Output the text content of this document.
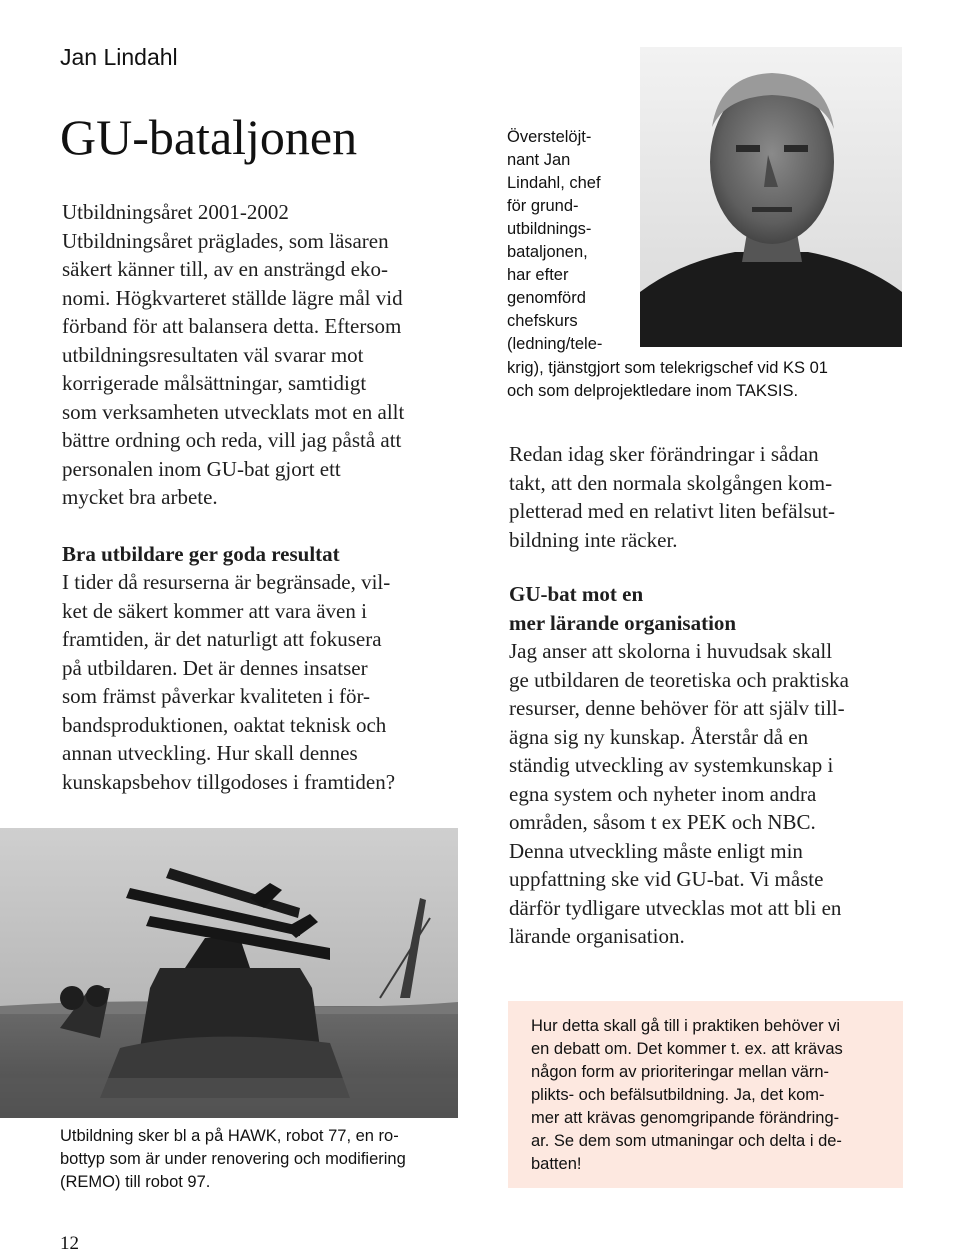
Jan Lindahl
GU-bataljonen

Utbildningsåret 2001-2002

Utbildningsåret präglades, som läsaren
säkert känner till, av en ansträngd eko-
nomi. Högkvarteret ställde lägre mål vid
förband för att balansera detta. Eftersom
utbildningsresultaten väl svarar mot
korrigerade målsättningar, samtidigt
som verksamheten utvecklats mot en allt
bättre ordning och reda, vill jag påstå att
personalen inom GU-bat gjort ett
mycket bra arbete.

Bra utbildare ger goda resultat

I tider då resurserna är begränsade, vil-
ket de säkert kommer att vara även i
framtiden, är det naturligt att fokusera
på utbildaren. Det är dennes insatser
som främst påverkar kvaliteten i för-
bandsproduktionen, oaktat teknisk och
annan utveckling. Hur skall dennes
kunskapsbehov tillgodoses i framtiden?
Överstelöjt-
nant Jan
Lindahl, chef
för grund-
utbildnings-
bataljonen,
har efter
genomförd
chefskurs
(ledning/tele-
krig), tjänstgjort som telekrigschef vid KS 01
och som delprojektledare inom TAKSIS.
Redan idag sker förändringar i sådan
takt, att den normala skolgången kom-
pletterad med en relativt liten befälsut-
bildning inte räcker.
GU-bat mot en
mer lärande organisation
Jag anser att skolorna i huvudsak skall
ge utbildaren de teoretiska och praktiska
resurser, denne behöver för att själv till-
ägna sig ny kunskap. Återstår då en
ständig utveckling av systemkunskap i
egna system och nyheter inom andra
områden, såsom t ex PEK och NBC.
Denna utveckling måste enligt min
uppfattning ske vid GU-bat. Vi måste
därför tydligare utvecklas mot att bli en
lärande organisation.
Utbildning sker bl a på HAWK, robot 77, en ro-
bottyp som är under renovering och modifiering
(REMO) till robot 97.
Hur detta skall gå till i praktiken behöver vi
en debatt om. Det kommer t. ex. att krävas
någon form av prioriteringar mellan värn-
plikts- och befälsutbildning. Ja, det kom-
mer att krävas genomgripande förändring-
ar. Se dem som utmaningar och delta i de-
batten!
12
